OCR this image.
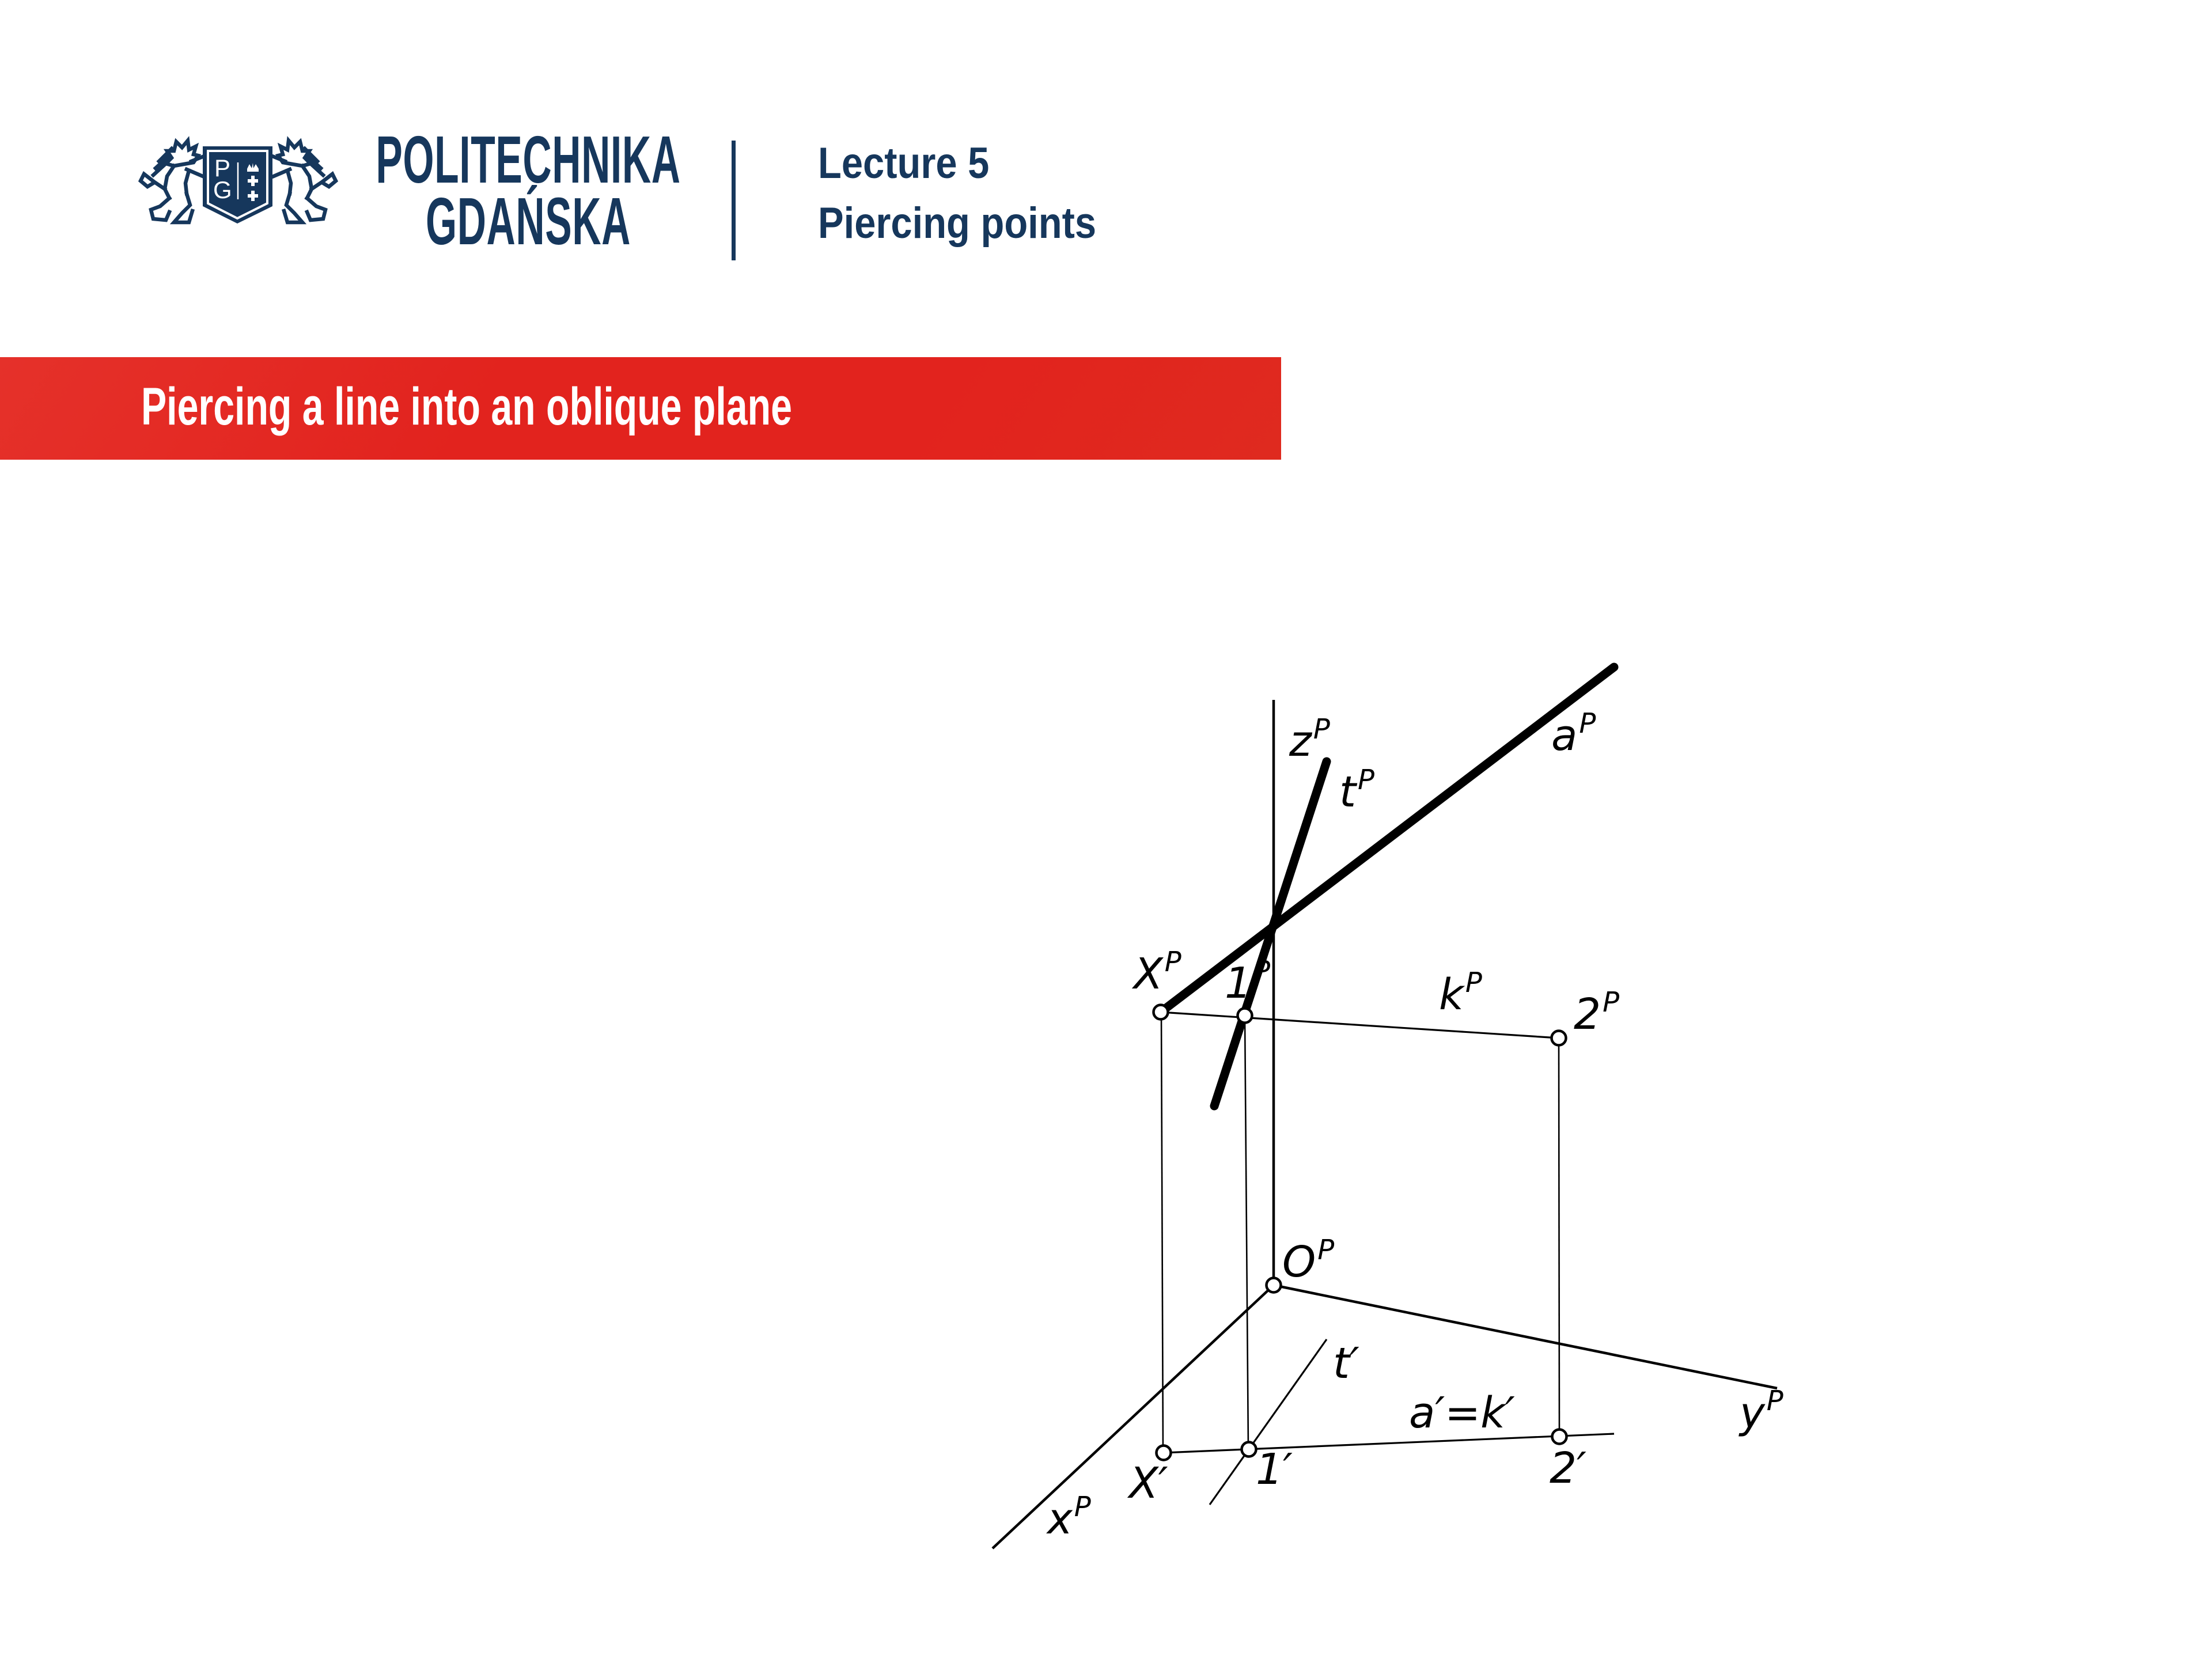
P
G POLITECHNIKA
GDAŃSKA
Lecture 5
Piercing points
Piercing a line into an oblique plane
$z^P$
$t^P$
$a^P$
$X^P$ $1^P$	$k^P$
$2^P$
$O^P$
$x^P$
$y^P$
t′
a′=k′
X′ 1′	2′
